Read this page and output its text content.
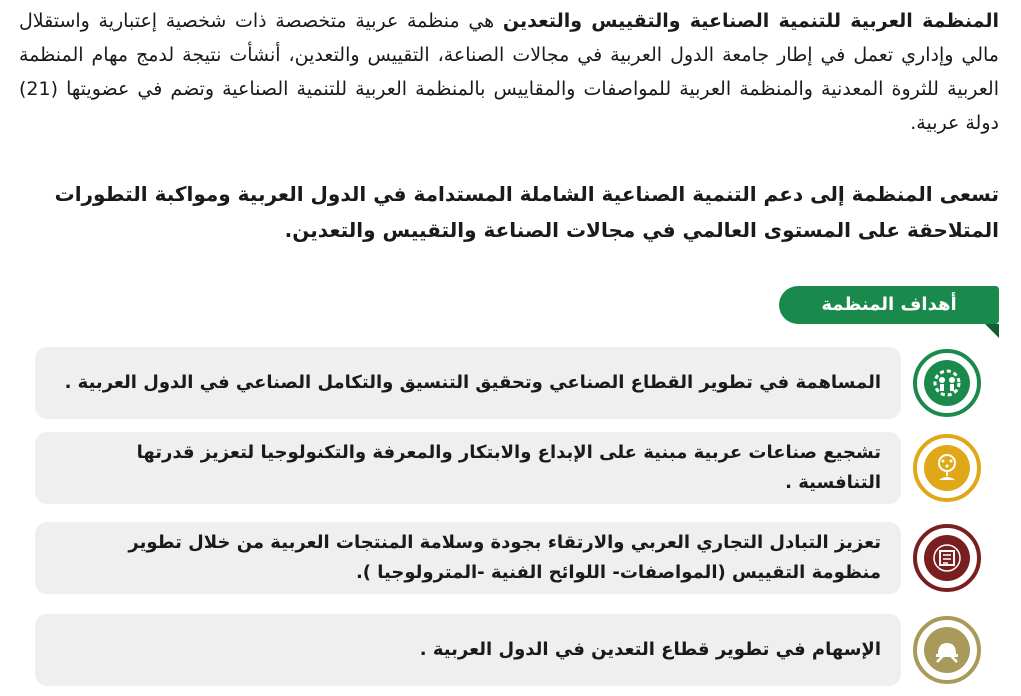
المنظمة العربية للتنمية الصناعية والتقييس والتعدين هي منظمة عربية متخصصة ذات شخصية إعتبارية واستقلال مالي وإداري تعمل في إطار جامعة الدول العربية في مجالات الصناعة، التقييس والتعدين، أنشأت نتيجة لدمج مهام المنظمة العربية للثروة المعدنية والمنظمة العربية للمواصفات والمقاييس بالمنظمة العربية للتنمية الصناعية وتضم في عضويتها (21) دولة عربية.
تسعى المنظمة إلى دعم التنمية الصناعية الشاملة المستدامة في الدول العربية ومواكبة التطورات المتلاحقة على المستوى العالمي في مجالات الصناعة والتقييس والتعدين.
أهداف المنظمة
المساهمة في تطوير القطاع الصناعي وتحقيق التنسيق والتكامل الصناعي في الدول العربية .
تشجيع صناعات عربية مبنية على الإبداع والابتكار والمعرفة والتكنولوجيا لتعزيز قدرتها التنافسية .
تعزيز التبادل التجاري العربي والارتقاء بجودة وسلامة المنتجات العربية من خلال تطوير منظومة التقييس (المواصفات- اللوائح الفنية -المترولوجيا ).
الإسهام في تطوير قطاع التعدين في الدول العربية .
